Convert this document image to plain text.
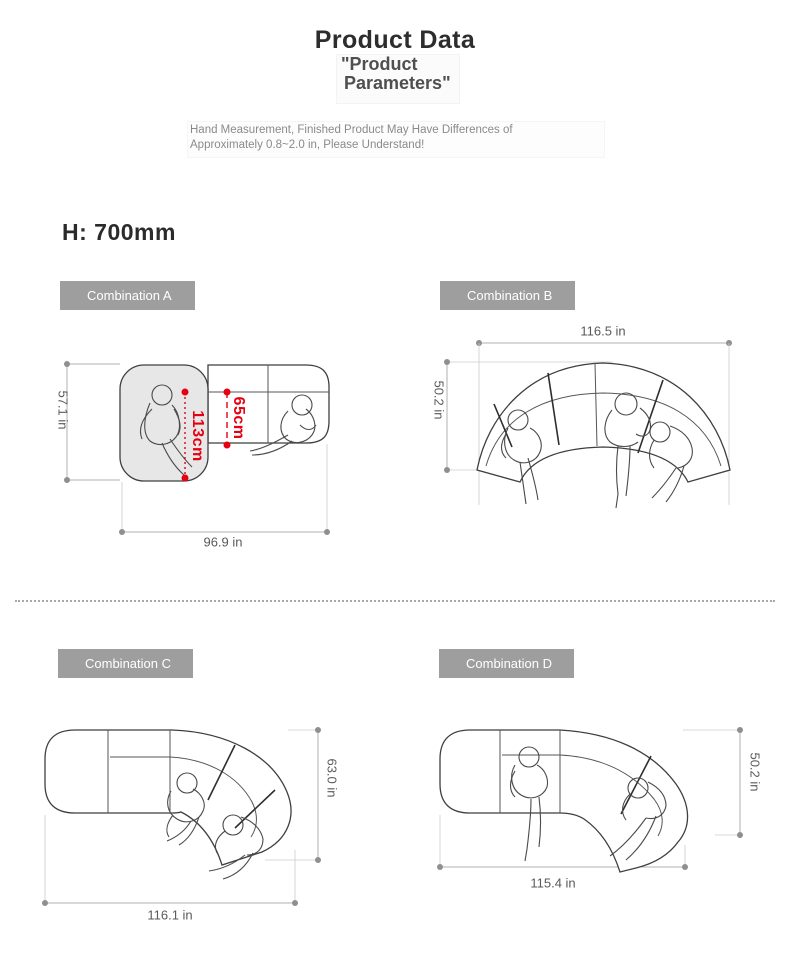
Product Data
"Product
Parameters"
Hand Measurement, Finished Product May Have Differences of
Approximately 0.8~2.0 in, Please Understand!
H: 700mm
Combination A	Combination B
Combination C	Combination D
57.1 in
96.9 in
113cm 65cm
116.5 in
50.2 in
63.0 in
116.1 in
50.2 in
115.4 in
